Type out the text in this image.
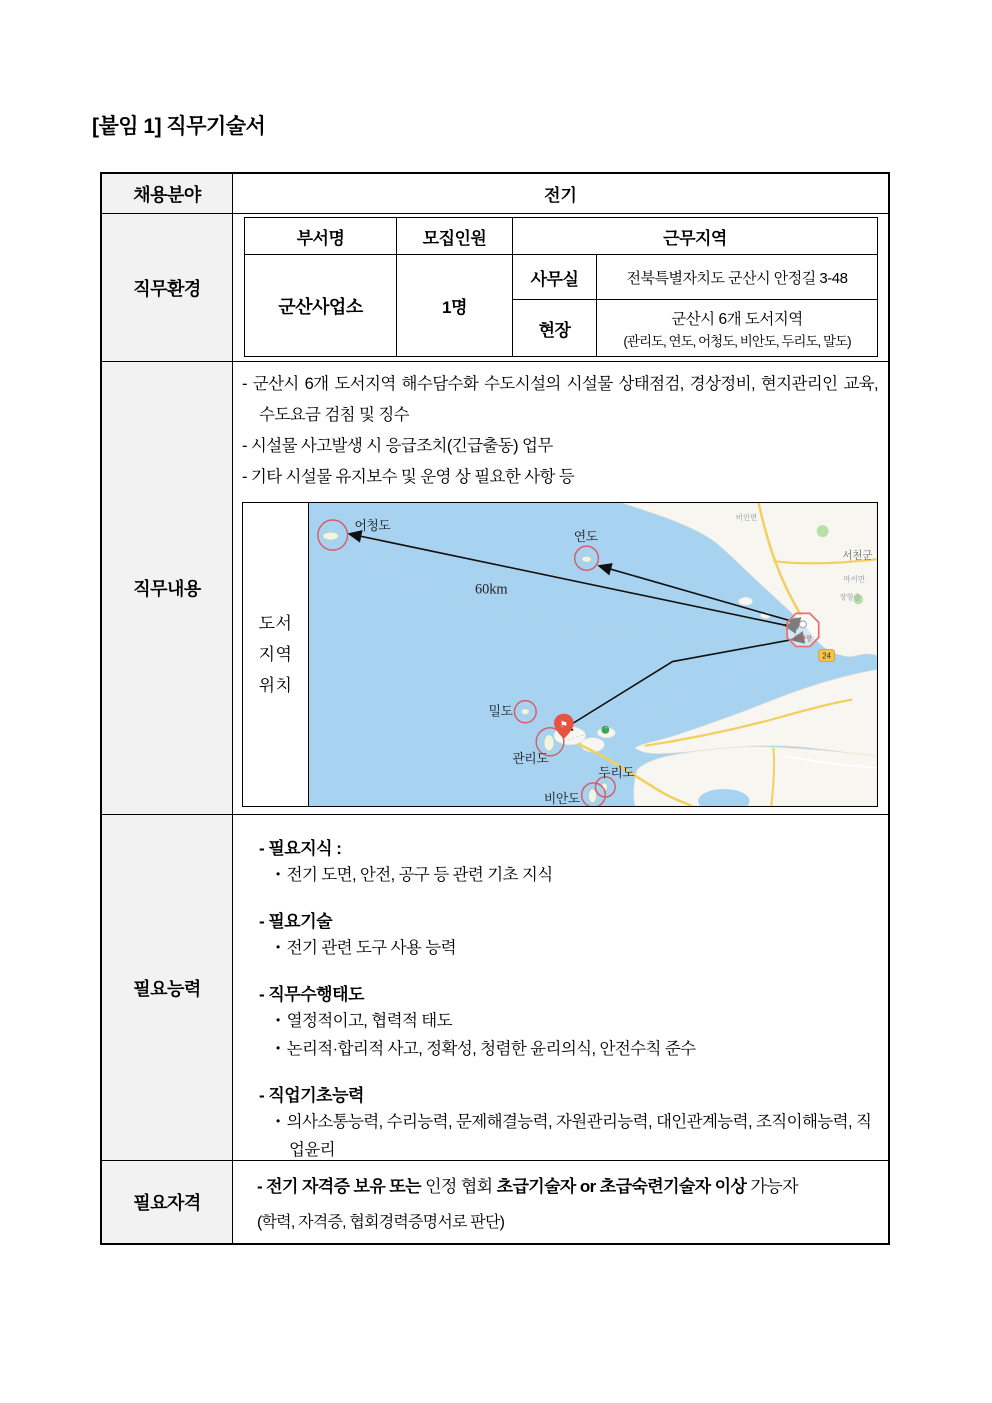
[붙임 1] 직무기술서
채용분야	전기
직무환경
부서명	모집인원	근무지역	
군산사업소	1명	사무실	전북특별자치도 군산시 안정길 3-48
		현장	군산시 6개 도서지역
(관리도, 연도, 어청도, 비안도, 두리도, 말도)
직무내용

- 군산시 6개 도서지역 해수담수화 수도시설의 시설물 상태점검, 경상정비, 현지관리인 교육, 수도요금 검침 및 징수

- 시설물 사고발생 시 응급조치(긴급출동) 업무

- 기타 시설물 유지보수 및 운영 상 필요한 사항 등

도서
지역
위치
군산항
⚑
24
어청도
연도
밀도
관리도
두리도
비안도
60km
서천군
비인면
마서면
장항읍
필요능력
- 필요지식 :
• 전기 도면, 안전, 공구 등 관련 기초 지식
- 필요기술
• 전기 관련 도구 사용 능력
- 직무수행태도
• 열정적이고, 협력적 태도
• 논리적·합리적 사고, 정확성, 청렴한 윤리의식, 안전수칙 준수
- 직업기초능력
• 의사소통능력, 수리능력, 문제해결능력, 자원관리능력, 대인관계능력, 조직이해능력, 직업윤리
필요자격
- 전기 자격증 보유 또는 인정 협회 초급기술자 or 초급숙련기술자 이상 가능자
(학력, 자격증, 협회경력증명서로 판단)
